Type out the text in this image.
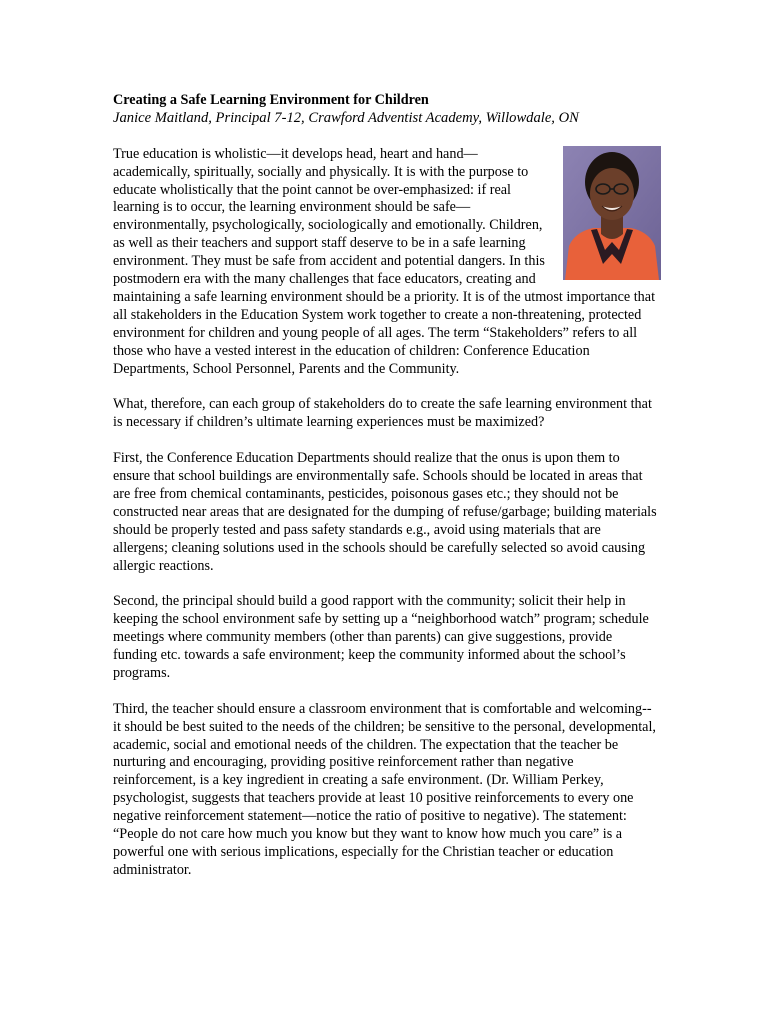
Creating a Safe Learning Environment for Children
Janice Maitland, Principal 7-12, Crawford Adventist Academy, Willowdale, ON

True education is wholistic—it develops head, heart and hand—academically, spiritually, socially and physically. It is with the purpose to educate wholistically that the point cannot be over-emphasized: if real learning is to occur, the learning environment should be safe—environmentally, psychologically, sociologically and emotionally. Children, as well as their teachers and support staff deserve to be in a safe learning environment. They must be safe from accident and potential dangers. In this postmodern era with the many challenges that face educators, creating and maintaining a safe learning environment should be a priority. It is of the utmost importance that all stakeholders in the Education System work together to create a non-threatening, protected environment for children and young people of all ages. The term “Stakeholders” refers to all those who have a vested interest in the education of children: Conference Education Departments, School Personnel, Parents and the Community.

What, therefore, can each group of stakeholders do to create the safe learning environment that is necessary if children’s ultimate learning experiences must be maximized?

First, the Conference Education Departments should realize that the onus is upon them to ensure that school buildings are environmentally safe. Schools should be located in areas that are free from chemical contaminants, pesticides, poisonous gases etc.; they should not be constructed near areas that are designated for the dumping of refuse/garbage; building materials should be properly tested and pass safety standards e.g., avoid using materials that are allergens; cleaning solutions used in the schools should be carefully selected so avoid causing allergic reactions.

Second, the principal should build a good rapport with the community; solicit their help in keeping the school environment safe by setting up a “neighborhood watch” program; schedule meetings where community members (other than parents) can give suggestions, provide funding etc. towards a safe environment; keep the community informed about the school’s programs.

Third, the teacher should ensure a classroom environment that is comfortable and welcoming--it should be best suited to the needs of the children; be sensitive to the personal, developmental, academic, social and emotional needs of the children. The expectation that the teacher be nurturing and encouraging, providing positive reinforcement rather than negative reinforcement, is a key ingredient in creating a safe environment. (Dr. William Perkey, psychologist, suggests that teachers provide at least 10 positive reinforcements to every one negative reinforcement statement—notice the ratio of positive to negative). The statement: “People do not care how much you know but they want to know how much you care” is a powerful one with serious implications, especially for the Christian teacher or education administrator.
